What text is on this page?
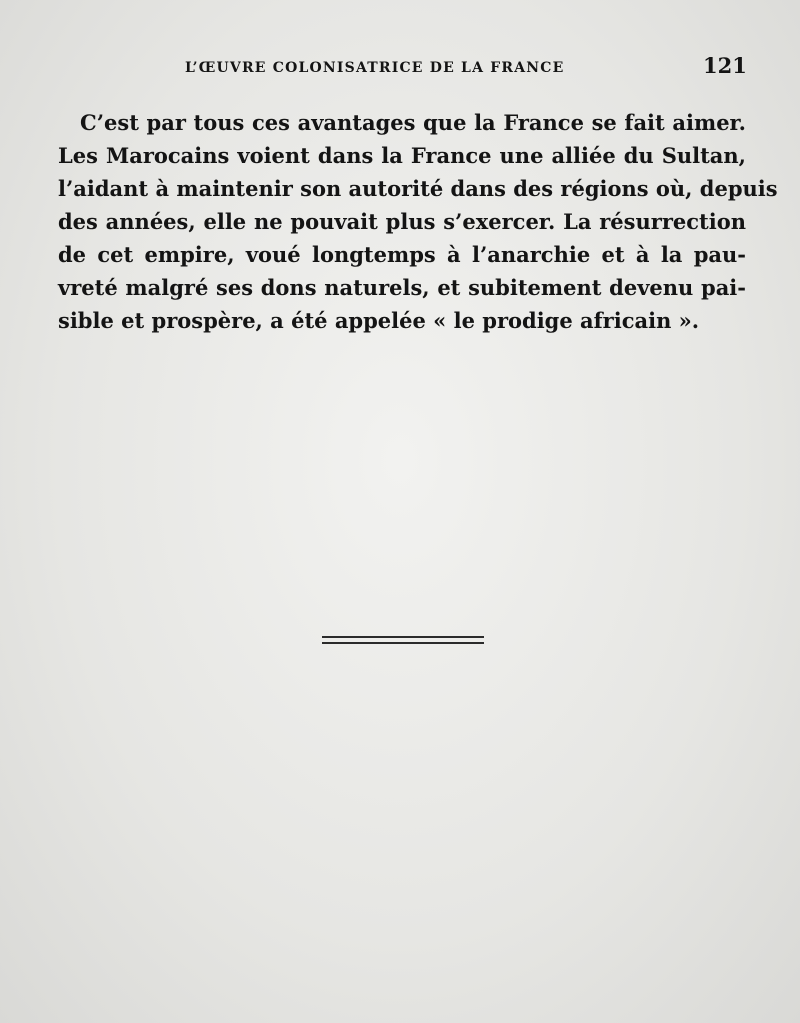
L’ŒUVRE COLONISATRICE DE LA FRANCE	121
C’est par tous ces avantages que la France se fait aimer.
Les Marocains voient dans la France une alliée du Sultan,
l’aidant à maintenir son autorité dans des régions où, depuis
des années, elle ne pouvait plus s’exercer. La résurrection
de cet empire, voué longtemps à l’anarchie et à la pau-
vreté malgré ses dons naturels, et subitement devenu pai-
sible et prospère, a été appelée « le prodige africain ».
